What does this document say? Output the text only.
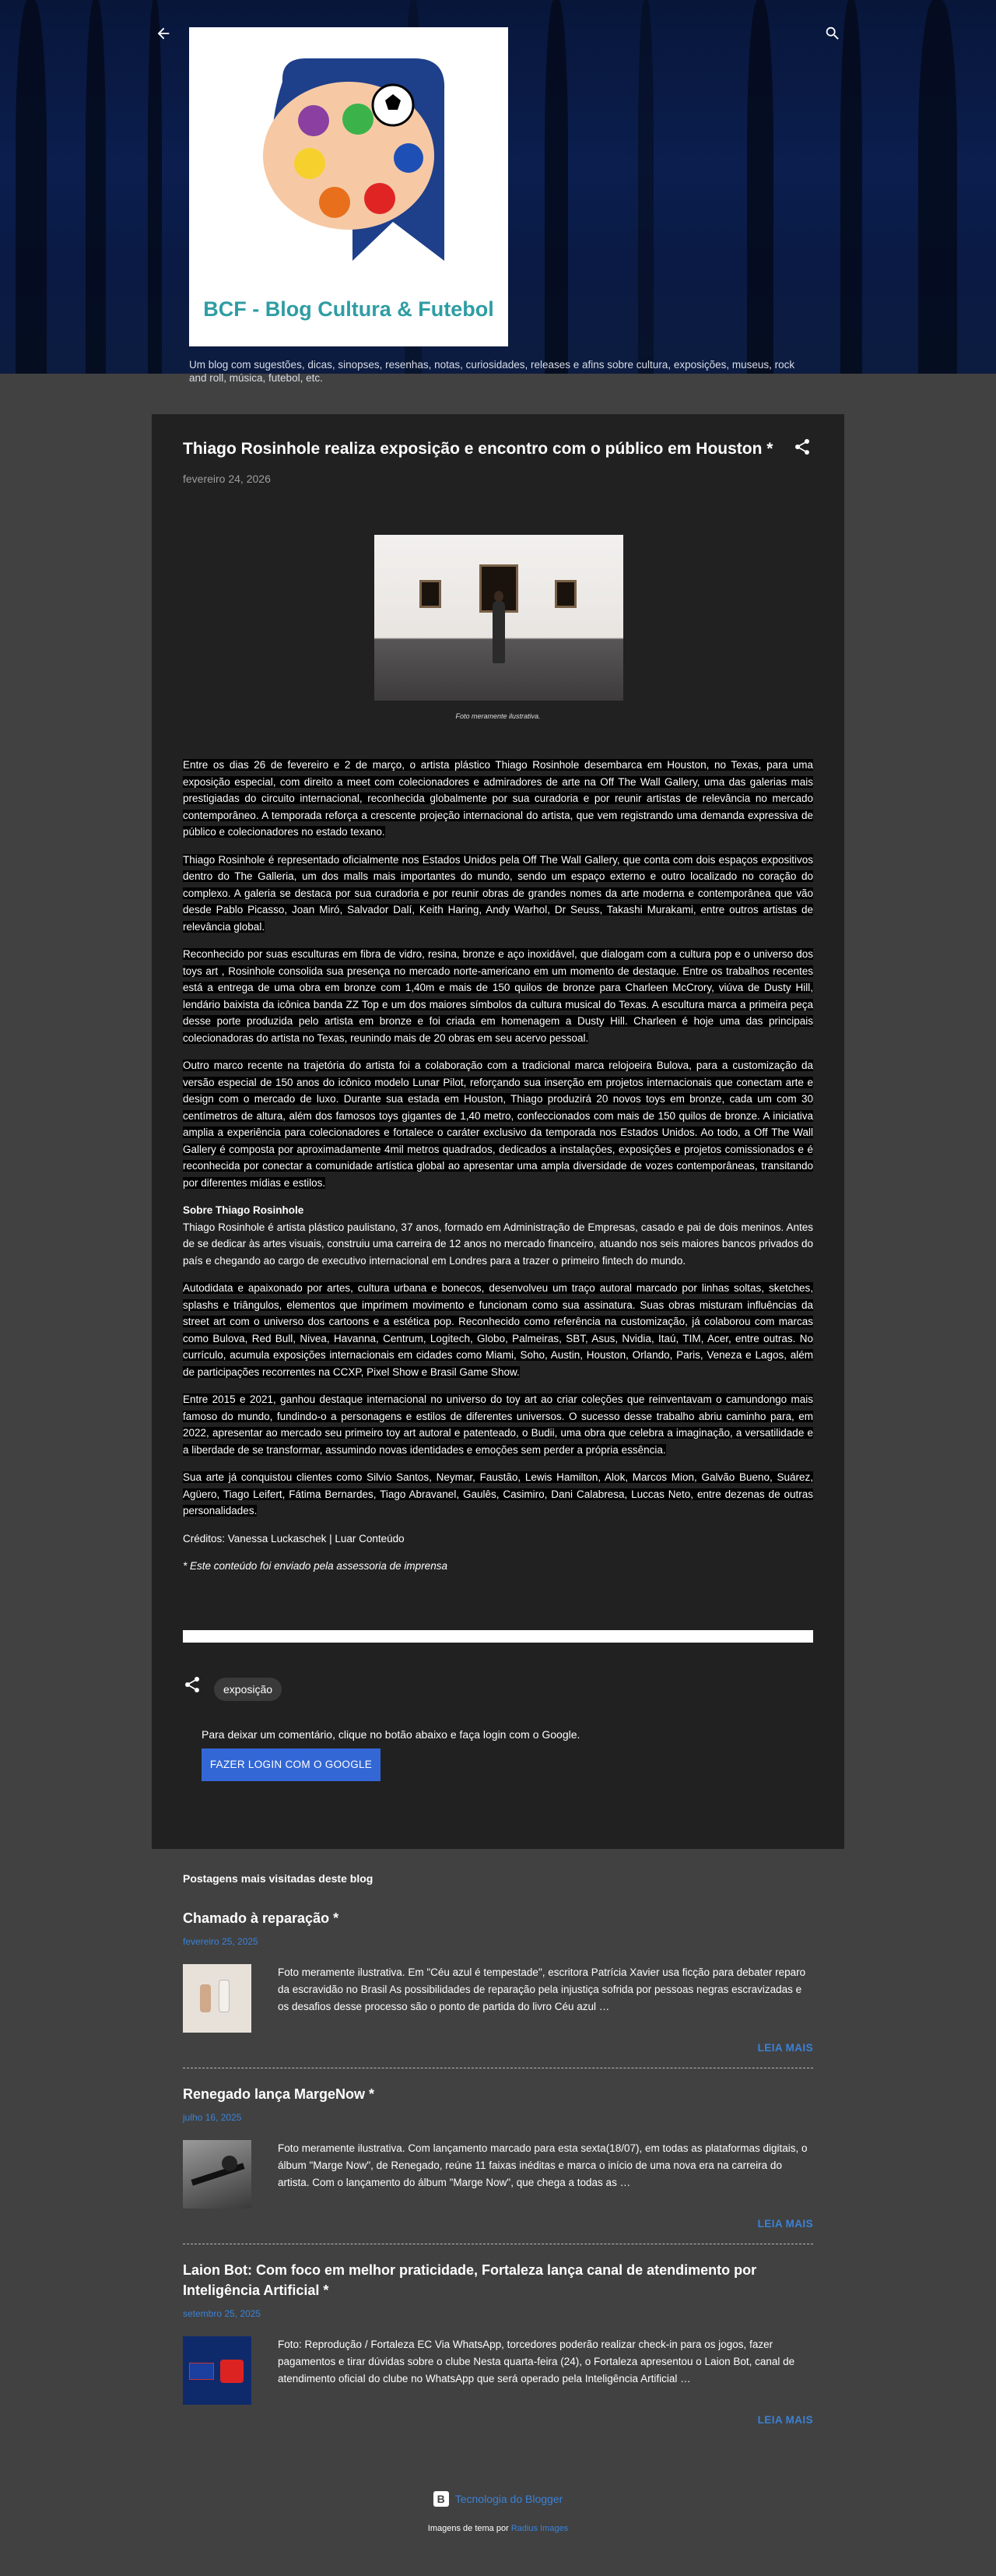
BCF - Blog Cultura & Futebol
Um blog com sugestões, dicas, sinopses, resenhas, notas, curiosidades, releases e afins sobre cultura, exposições, museus, rock and roll, música, futebol, etc.
Thiago Rosinhole realiza exposição e encontro com o público em Houston *
fevereiro 24, 2026
Foto meramente ilustrativa.

Entre os dias 26 de fevereiro e 2 de março, o artista plástico Thiago Rosinhole desembarca em Houston, no Texas, para uma exposição especial, com direito a meet com colecionadores e admiradores de arte na Off The Wall Gallery, uma das galerias mais prestigiadas do circuito internacional, reconhecida globalmente por sua curadoria e por reunir artistas de relevância no mercado contemporâneo. A temporada reforça a crescente projeção internacional do artista, que vem registrando uma demanda expressiva de público e colecionadores no estado texano.

Thiago Rosinhole é representado oficialmente nos Estados Unidos pela Off The Wall Gallery, que conta com dois espaços expositivos dentro do The Galleria, um dos malls mais importantes do mundo, sendo um espaço externo e outro localizado no coração do complexo. A galeria se destaca por sua curadoria e por reunir obras de grandes nomes da arte moderna e contemporânea que vão desde Pablo Picasso, Joan Miró, Salvador Dalí, Keith Haring, Andy Warhol, Dr Seuss, Takashi Murakami, entre outros artistas de relevância global.

Reconhecido por suas esculturas em fibra de vidro, resina, bronze e aço inoxidável, que dialogam com a cultura pop e o universo dos toys art , Rosinhole consolida sua presença no mercado norte-americano em um momento de destaque. Entre os trabalhos recentes está a entrega de uma obra em bronze com 1,40m e mais de 150 quilos de bronze para Charleen McCrory, viúva de Dusty Hill, lendário baixista da icônica banda ZZ Top e um dos maiores símbolos da cultura musical do Texas. A escultura marca a primeira peça desse porte produzida pelo artista em bronze e foi criada em homenagem a Dusty Hill. Charleen é hoje uma das principais colecionadoras do artista no Texas, reunindo mais de 20 obras em seu acervo pessoal.

Outro marco recente na trajetória do artista foi a colaboração com a tradicional marca relojoeira Bulova, para a customização da versão especial de 150 anos do icônico modelo Lunar Pilot, reforçando sua inserção em projetos internacionais que conectam arte e design com o mercado de luxo. Durante sua estada em Houston, Thiago produzirá 20 novos toys em bronze, cada um com 30 centímetros de altura, além dos famosos toys gigantes de 1,40 metro, confeccionados com mais de 150 quilos de bronze. A iniciativa amplia a experiência para colecionadores e fortalece o caráter exclusivo da temporada nos Estados Unidos. Ao todo, a Off The Wall Gallery é composta por aproximadamente 4mil metros quadrados, dedicados a instalações, exposições e projetos comissionados e é reconhecida por conectar a comunidade artística global ao apresentar uma ampla diversidade de vozes contemporâneas, transitando por diferentes mídias e estilos.

Sobre Thiago Rosinhole

Thiago Rosinhole é artista plástico paulistano, 37 anos, formado em Administração de Empresas, casado e pai de dois meninos. Antes de se dedicar às artes visuais, construiu uma carreira de 12 anos no mercado financeiro, atuando nos seis maiores bancos privados do país e chegando ao cargo de executivo internacional em Londres para a trazer o primeiro fintech do mundo.

Autodidata e apaixonado por artes, cultura urbana e bonecos, desenvolveu um traço autoral marcado por linhas soltas, sketches, splashs e triângulos, elementos que imprimem movimento e funcionam como sua assinatura. Suas obras misturam influências da street art com o universo dos cartoons e a estética pop. Reconhecido como referência na customização, já colaborou com marcas como Bulova, Red Bull, Nivea, Havanna, Centrum, Logitech, Globo, Palmeiras, SBT, Asus, Nvidia, Itaú, TIM, Acer, entre outras. No currículo, acumula exposições internacionais em cidades como Miami, Soho, Austin, Houston, Orlando, Paris, Veneza e Lagos, além de participações recorrentes na CCXP, Pixel Show e Brasil Game Show.

Entre 2015 e 2021, ganhou destaque internacional no universo do toy art ao criar coleções que reinventavam o camundongo mais famoso do mundo, fundindo-o a personagens e estilos de diferentes universos. O sucesso desse trabalho abriu caminho para, em 2022, apresentar ao mercado seu primeiro toy art autoral e patenteado, o Budii, uma obra que celebra a imaginação, a versatilidade e a liberdade de se transformar, assumindo novas identidades e emoções sem perder a própria essência.

Sua arte já conquistou clientes como Silvio Santos, Neymar, Faustão, Lewis Hamilton, Alok, Marcos Mion, Galvão Bueno, Suárez, Agüero, Tiago Leifert, Fátima Bernardes, Tiago Abravanel, Gaulês, Casimiro, Dani Calabresa, Luccas Neto, entre dezenas de outras personalidades.

Créditos: Vanessa Luckaschek | Luar Conteúdo
* Este conteúdo foi enviado pela assessoria de imprensa
exposição
Para deixar um comentário, clique no botão abaixo e faça login com o Google.
FAZER LOGIN COM O GOOGLE
Postagens mais visitadas deste blog
Chamado à reparação *
fevereiro 25, 2025
Foto meramente ilustrativa. Em "Céu azul é tempestade", escritora Patrícia Xavier usa ficção para debater reparo da escravidão no Brasil As possibilidades de reparação pela injustiça sofrida por pessoas negras escravizadas e os desafios desse processo são o ponto de partida do livro Céu azul …
LEIA MAIS
Renegado lança MargeNow *
julho 16, 2025
Foto meramente ilustrativa. Com lançamento marcado para esta sexta(18/07), em todas as plataformas digitais, o álbum "Marge Now", de Renegado, reúne 11 faixas inéditas e marca o início de uma nova era na carreira do artista. Com o lançamento do álbum "Marge Now", que chega a todas as …
LEIA MAIS
Laion Bot: Com foco em melhor praticidade, Fortaleza lança canal de atendimento por Inteligência Artificial *
setembro 25, 2025
Foto: Reprodução / Fortaleza EC Via WhatsApp, torcedores poderão realizar check-in para os jogos, fazer pagamentos e tirar dúvidas sobre o clube Nesta quarta-feira (24), o Fortaleza apresentou o Laion Bot, canal de atendimento oficial do clube no WhatsApp que será operado pela Inteligência Artificial …
LEIA MAIS
B Tecnologia do Blogger
Imagens de tema por Radius Images
